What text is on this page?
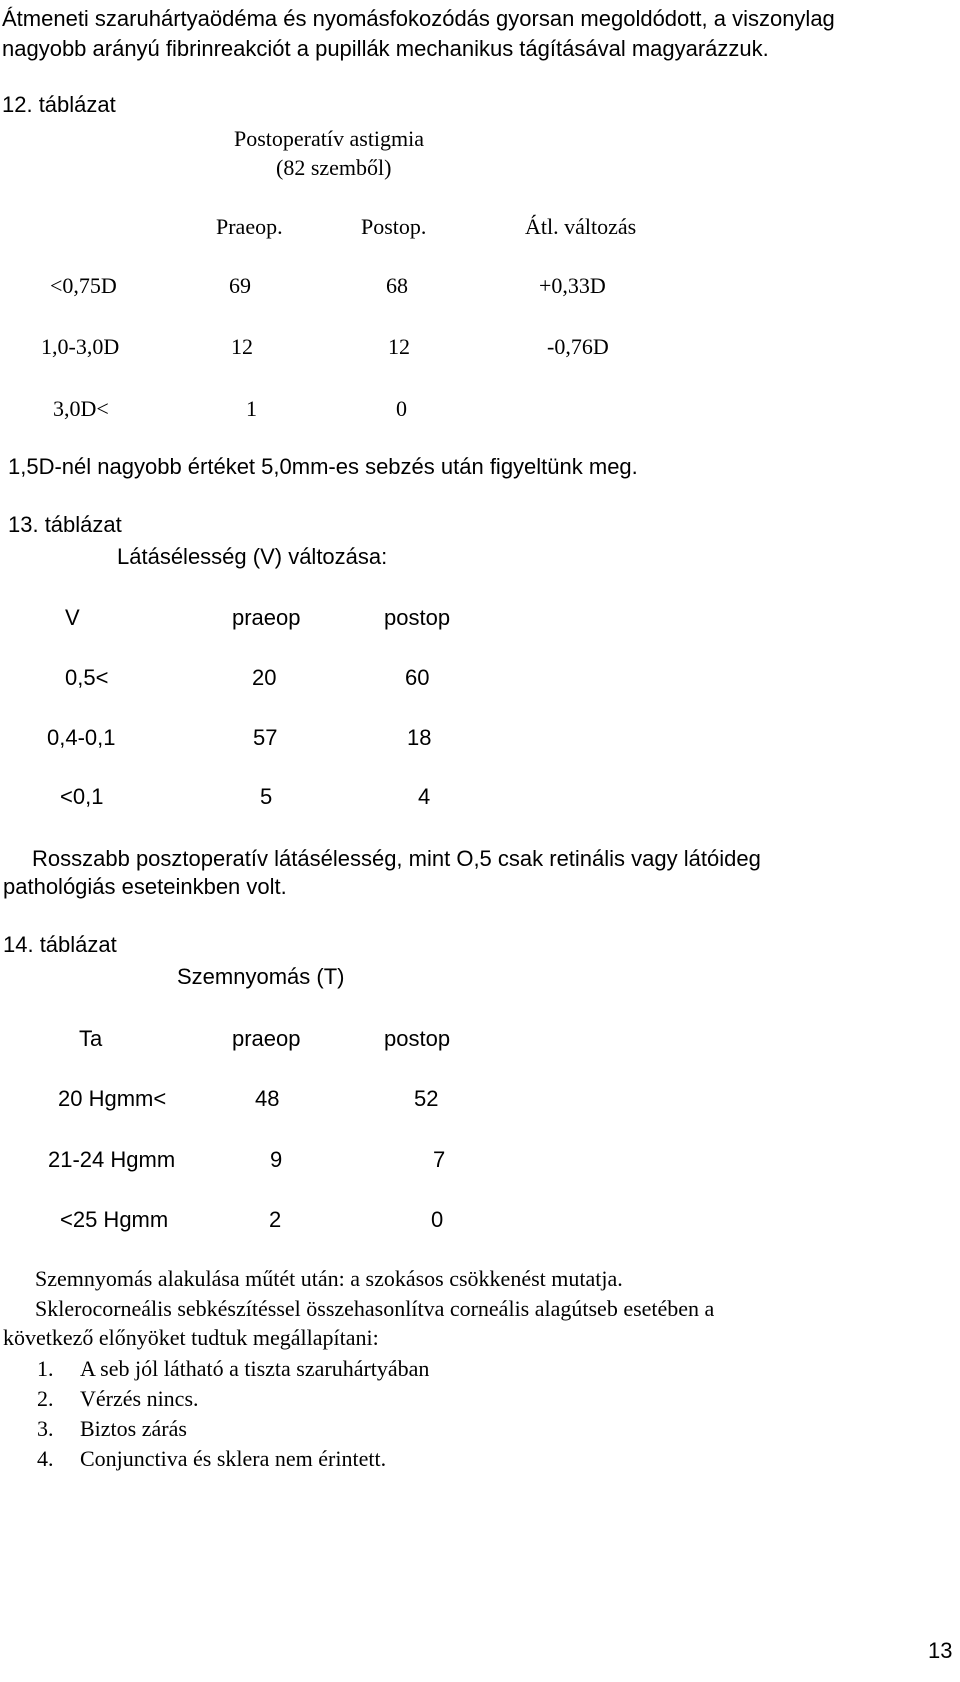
Átmeneti szaruhártyaödéma és nyomásfokozódás gyorsan megoldódott, a viszonylag
nagyobb arányú fibrinreakciót a pupillák mechanikus tágításával magyarázzuk.
12. táblázat
Postoperatív astigmia
(82 szemből)
Praeop.	Postop.	Átl. változás
<0,75D	69	68	+0,33D
1,0-3,0D	12	12	-0,76D
3,0D<	1	0
1,5D-nél nagyobb értéket 5,0mm-es sebzés után figyeltünk meg.
13. táblázat
Látásélesség (V) változása:
V	praeop	postop
0,5<	20	60
0,4-0,1	57	18
<0,1	5	4
Rosszabb posztoperatív látásélesség, mint O,5 csak retinális vagy látóideg
pathológiás eseteinkben volt.
14. táblázat
Szemnyomás (T)
Ta	praeop	postop
20 Hgmm<	48	52
21-24 Hgmm	9	7
<25 Hgmm	2	0
Szemnyomás alakulása műtét után: a szokásos csökkenést mutatja.
Sklerocorneális sebkészítéssel összehasonlítva corneális alagútseb esetében a
következő előnyöket tudtuk megállapítani:
1. A seb jól látható a tiszta szaruhártyában
2. Vérzés nincs.
3. Biztos zárás
4. Conjunctiva és sklera nem érintett.
13
